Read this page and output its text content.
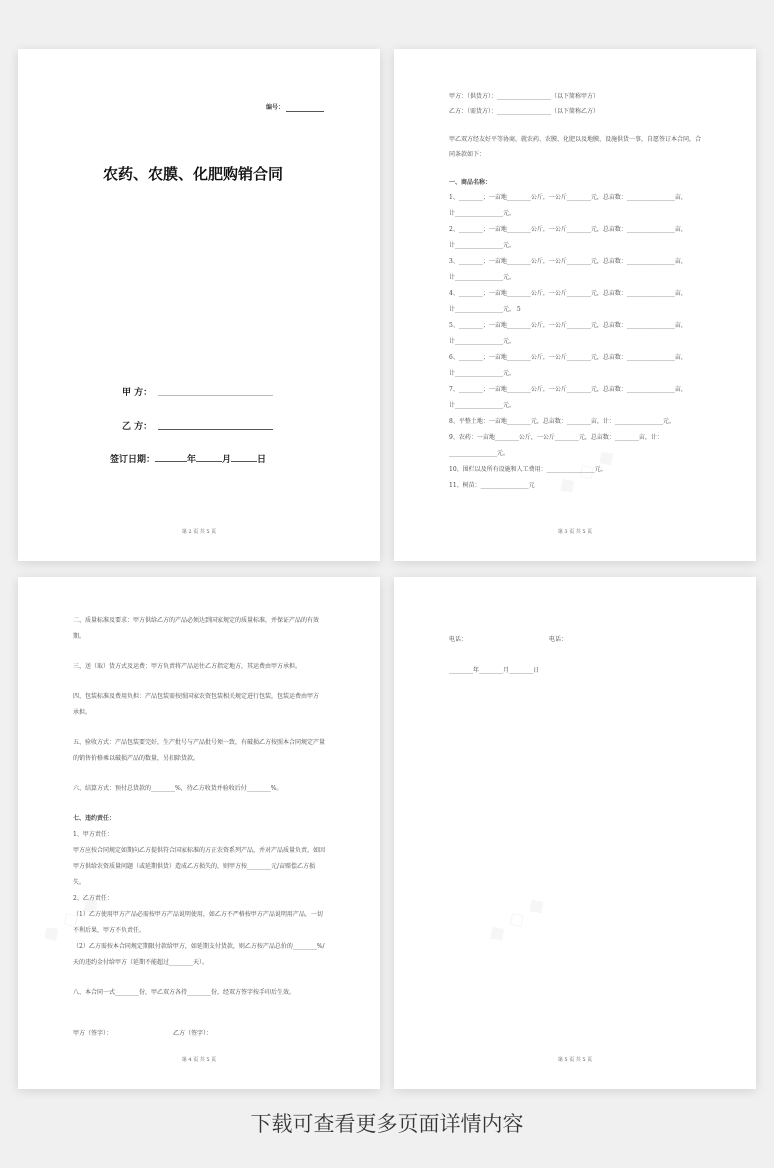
编号：
农药、农膜、化肥购销合同
甲 方：
乙 方：
签订日期：	年	月	日
第 2 页 共 5 页
甲方：（供货方）：__________________（以下简称甲方）
乙方：（需货方）：__________________（以下简称乙方）
甲乙双方经友好平等协商，就农药、农膜、化肥以及地膜、设施供货一事，自愿签订本合同，合
同条款如下：
一、商品名称：
1、________；一亩地________公斤，一公斤________元，总亩数：________________亩，
计________________元。
2、________；一亩地________公斤，一公斤________元，总亩数：________________亩，
计________________元。
3、________；一亩地________公斤，一公斤________元，总亩数：________________亩，
计________________元。
4、________；一亩地________公斤，一公斤________元，总亩数：________________亩，
计________________元。 5
5、________；一亩地________公斤，一公斤________元，总亩数：________________亩，
计________________元。
6、________；一亩地________公斤，一公斤________元，总亩数：________________亩，
计________________元。
7、________；一亩地________公斤，一公斤________元，总亩数：________________亩，
计________________元。
8、平整土地：一亩地________元，总亩数：________亩，计：________________元。
9、农药：一亩地________公斤，一公斤________元，总亩数：________亩，计：
________________元。
10、围栏以及所有设施和人工费用：________________元。
11、树苗：________________元
第 3 页 共 5 页
二、质量标准及要求：甲方供给乙方的产品必须达到国家规定的质量标准，并保证产品的有效
期。
三、送（取）货方式及运费：甲方负责将产品运往乙方指定地方，其运费由甲方承担。
四、包装标准及费用负担：产品包装需按照国家农资包装相关规定进行包装，包装运费由甲方
承担。
五、验收方式：产品包装要完好，生产批号与产品批号须一致，有破损乙方按照本合同规定产量
的销售价格乘以破损产品的数量，另扣除货款。
六、结算方式：预付总货款的________%，待乙方收货并验收后付________%。
七、违约责任：
1、甲方责任：
甲方应按合同规定如期向乙方提供符合国家标准的方正农资系列产品，并对产品质量负责，如因
甲方供给农资质量问题（或延期供货）造成乙方损失的，则甲方按________元/亩赔偿乙方损
失。
2、乙方责任：
（1）乙方使用甲方产品必需按甲方产品说明使用，如乙方不严格按甲方产品说明用产品，一切
不利后果，甲方不负责任。
（2）乙方需按本合同规定期限付款给甲方，如延期支付货款，则乙方按产品总价的________%/
天的违约金付给甲方（延期不能超过________天）。
八、本合同一式________份，甲乙双方各持________份，经双方签字按手印后生效。
甲方（签字）：	乙方（签字）：
第 4 页 共 5 页
电话：	电话：
________年________月________日
第 5 页 共 5 页
下载可查看更多页面详情内容
